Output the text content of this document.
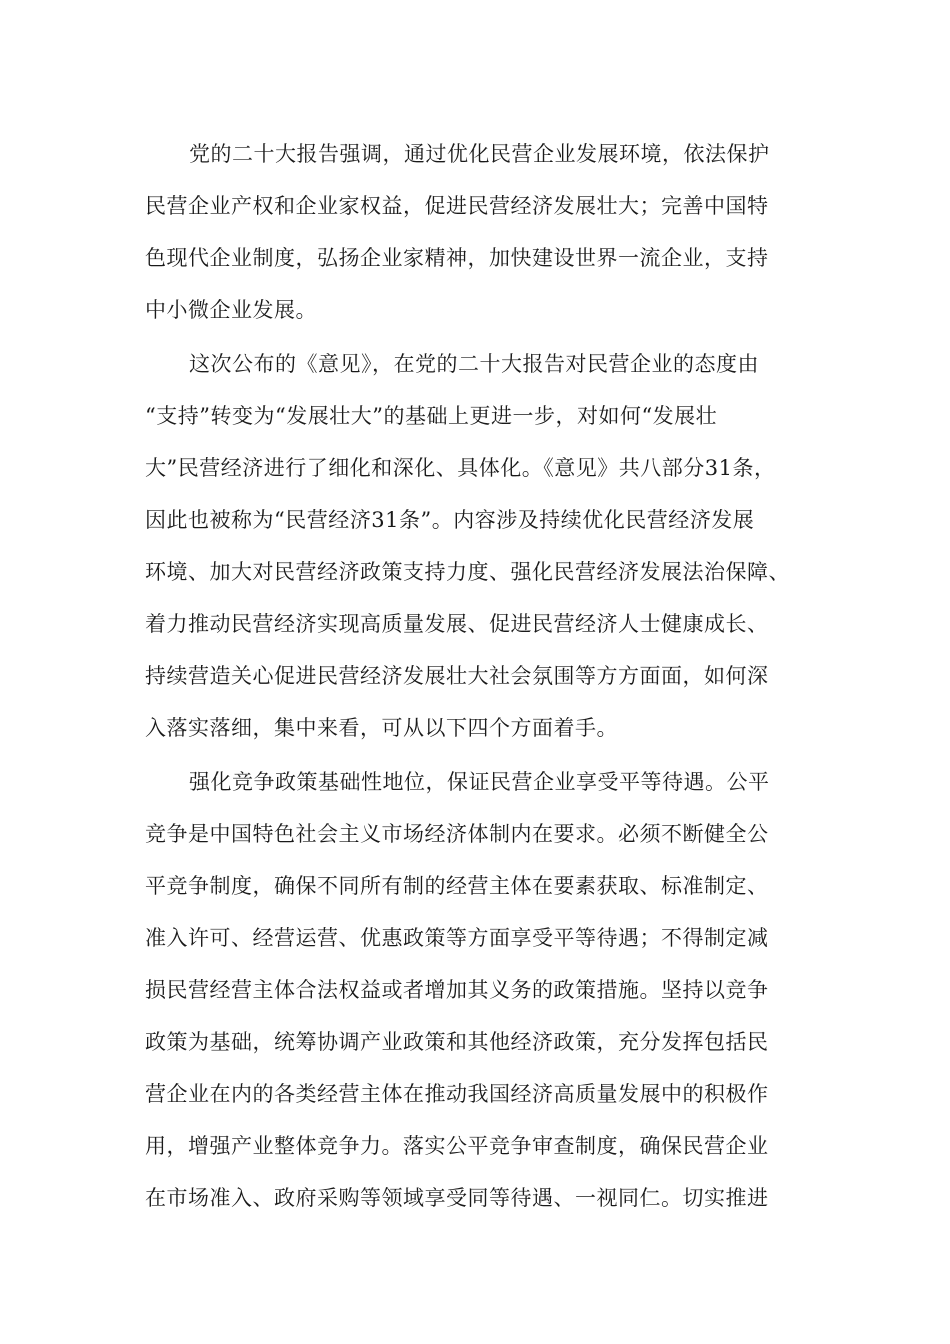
党的二十大报告强调，通过优化民营企业发展环境，依法保护
民营企业产权和企业家权益，促进民营经济发展壮大；完善中国特
色现代企业制度，弘扬企业家精神，加快建设世界一流企业，支持
中小微企业发展。
这次公布的《意见》，在党的二十大报告对民营企业的态度由
“支持”转变为“发展壮大”的基础上更进一步，对如何“发展壮
大”民营经济进行了细化和深化、具体化。《意见》共八部分31条，
因此也被称为“民营经济31条”。内容涉及持续优化民营经济发展
环境、加大对民营经济政策支持力度、强化民营经济发展法治保障、
着力推动民营经济实现高质量发展、促进民营经济人士健康成长、
持续营造关心促进民营经济发展壮大社会氛围等方方面面，如何深
入落实落细，集中来看，可从以下四个方面着手。
强化竞争政策基础性地位，保证民营企业享受平等待遇。公平
竞争是中国特色社会主义市场经济体制内在要求。必须不断健全公
平竞争制度，确保不同所有制的经营主体在要素获取、标准制定、
准入许可、经营运营、优惠政策等方面享受平等待遇；不得制定减
损民营经营主体合法权益或者增加其义务的政策措施。坚持以竞争
政策为基础，统筹协调产业政策和其他经济政策，充分发挥包括民
营企业在内的各类经营主体在推动我国经济高质量发展中的积极作
用，增强产业整体竞争力。落实公平竞争审查制度，确保民营企业
在市场准入、政府采购等领域享受同等待遇、一视同仁。切实推进
